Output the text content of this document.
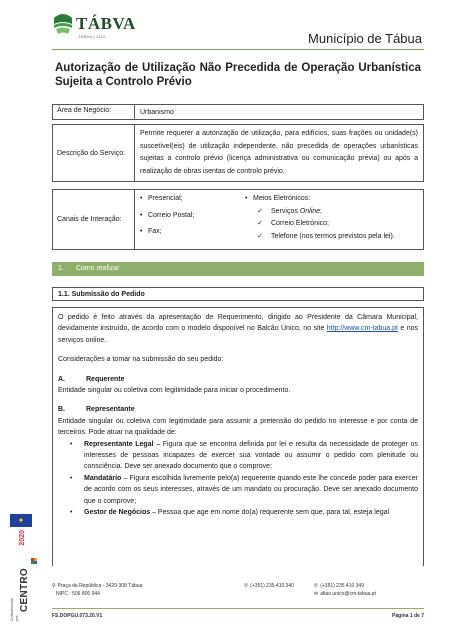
TÁBVA
TÁBVA | 1112	Município de Tábua
Autorização de Utilização Não Precedida de Operação Urbanística Sujeita a Controlo Prévio
Área de Negócio:	Urbanismo
Descrição do Serviço:
Permite requerer a autorização de utilização, para edifícios, suas frações ou unidade(s) suscetível(eis) de utilização independente, não precedida de operações urbanísticas sujeitas a controlo prévio (licença administrativa ou comunicação prévia) ou após a realização de obras isentas de controlo prévio.
Canais de Interação:
• Presencial;
• Correio Postal;
• Fax;
• Meios Eletrónicos:
✓ Serviços Online;
✓ Correio Eletrónico;
✓ Telefone (nos termos previstos pela lei).
1. Como realizar
1.1. Submissão do Pedido

O pedido é feito através da apresentação de Requerimento, dirigido ao Presidente da Câmara Municipal, devidamente instruído, de acordo com o modelo disponível no Balcão Único, no site http://www.cm-tabua.pt e nos serviços online.

Considerações a tomar na submissão do seu pedido:

A.	Requerente

Entidade singular ou coletiva com legitimidade para iniciar o procedimento.

B.	Representante

Entidade singular ou coletiva com legitimidade para assumir a pretensão do pedido no interesse e por conta de terceiros. Pode atuar na qualidade de:

•	Representante Legal – Figura que se encontra definida por lei e resulta da necessidade de proteger os interesses de pessoas incapazes de exercer sua vontade ou assumir o pedido com plenitude ou consciência. Deve ser anexado documento que o comprove;
•	Mandatário – Figura escolhida livremente pelo(a) requerente quando este lhe concede poder para exercer de acordo com os seus interesses, através de um mandato ou procuração. Deve ser anexado documento que o comprove;
•	Gestor de Negócios – Pessoa que age em nome do(a) requerente sem que, para tal, esteja legal
✦
2020
CENTRO
Cofinanciado por:
⚲ Praça da República - 3420-308 Tábua
NIPC : 506 806 944
✆ (+351) 235 410 340	✆ (+351) 235 410 349
✉ altao.unico@cm-tabua.pt
FS.DOPGU.073.20.V1	Página 1 de 7
